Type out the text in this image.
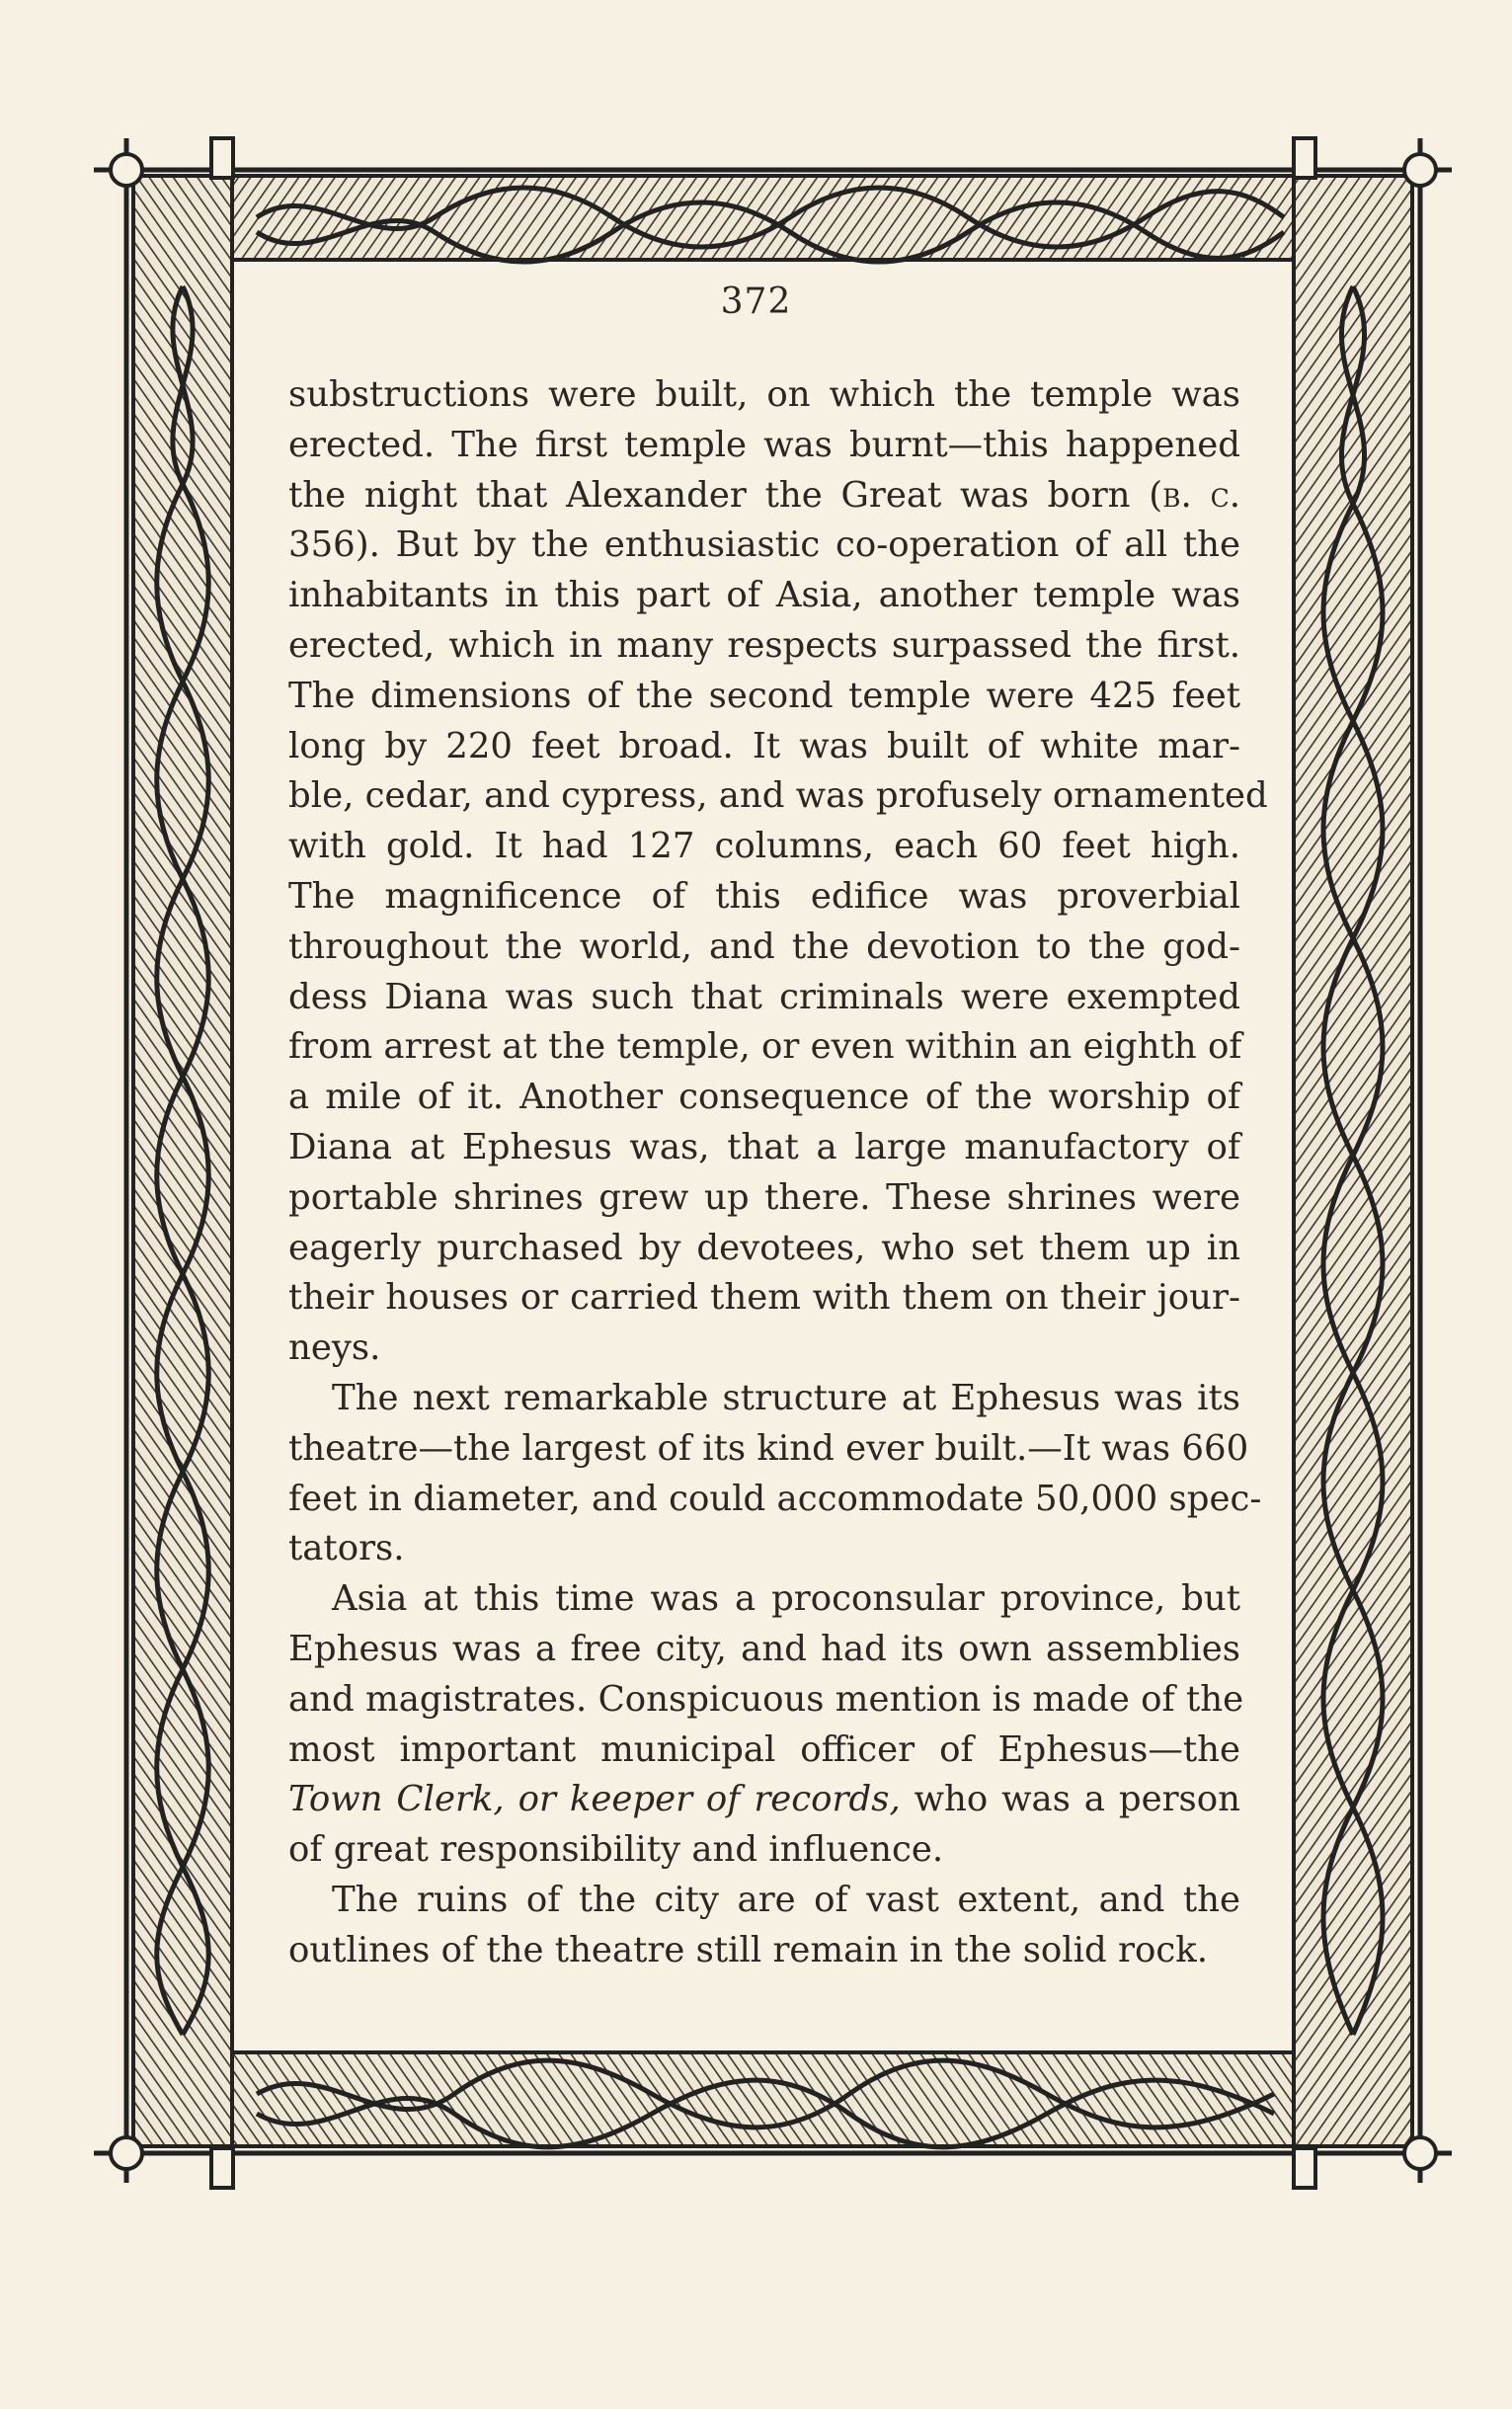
372
substructions were built, on which the temple was
erected. The first temple was burnt—this happened
the night that Alexander the Great was born (b. c.
356). But by the enthusiastic co-operation of all the
inhabitants in this part of Asia, another temple was
erected, which in many respects surpassed the first.
The dimensions of the second temple were 425 feet
long by 220 feet broad. It was built of white mar-
ble, cedar, and cypress, and was profusely ornamented
with gold. It had 127 columns, each 60 feet high.
The magnificence of this edifice was proverbial
throughout the world, and the devotion to the god-
dess Diana was such that criminals were exempted
from arrest at the temple, or even within an eighth of
a mile of it. Another consequence of the worship of
Diana at Ephesus was, that a large manufactory of
portable shrines grew up there. These shrines were
eagerly purchased by devotees, who set them up in
their houses or carried them with them on their jour-
neys.
The next remarkable structure at Ephesus was its
theatre—the largest of its kind ever built.—It was 660
feet in diameter, and could accommodate 50,000 spec-
tators.
Asia at this time was a proconsular province, but
Ephesus was a free city, and had its own assemblies
and magistrates. Conspicuous mention is made of the
most important municipal officer of Ephesus—the
Town Clerk, or keeper of records, who was a person
of great responsibility and influence.
The ruins of the city are of vast extent, and the
outlines of the theatre still remain in the solid rock.
